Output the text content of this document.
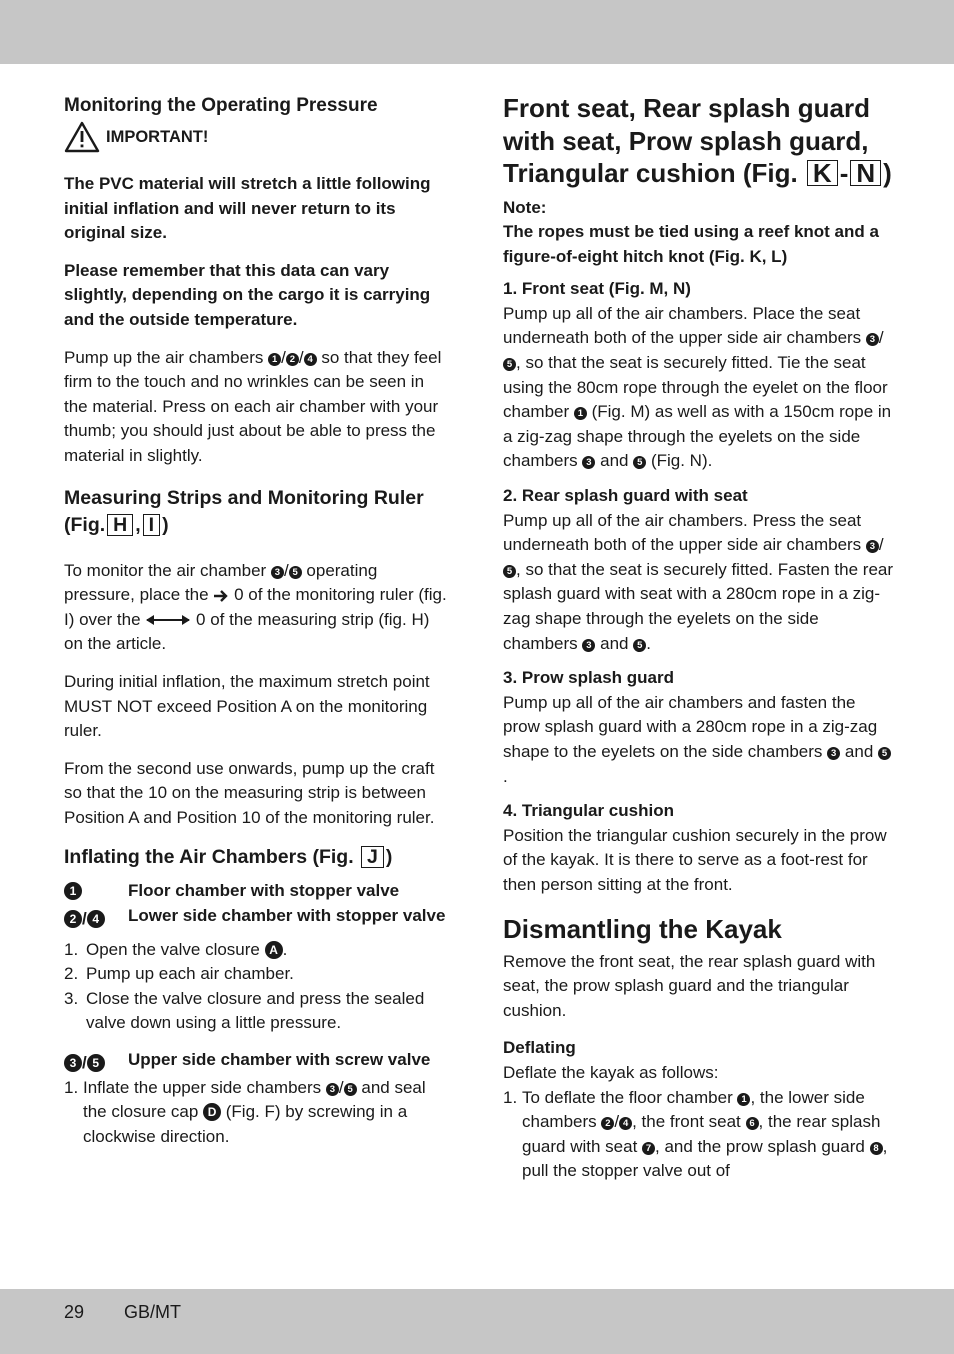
Monitoring the Operating Pressure
IMPORTANT!

The PVC material will stretch a little following initial inflation and will never return to its original size.

Please remember that this data can vary slightly, depending on the cargo it is carrying and the outside temperature.

Pump up the air chambers 1 / 2 / 4 so that they feel firm to the touch and no wrinkles can be seen in the material. Press on each air chamber with your thumb; you should just about be able to press the material in slightly.

Measuring Strips and Monitoring Ruler (Fig. H , I )

To monitor the air chamber 3 / 5 operating pressure, place the 0 of the monitoring ruler (fig. I) over the	0 of the measuring strip (fig. H) on the article.

During initial inflation, the maximum stretch point MUST NOT exceed Position A on the monitoring ruler.

From the second use onwards, pump up the craft so that the 10 on the measuring strip is between Position A and Position 10 of the monitoring ruler.

Inflating the Air Chambers (Fig. J )
1	Floor chamber with stopper valve
2 / 4	Lower side chamber with stopper valve
1. Open the valve closure A .
2. Pump up each air chamber.
3. Close the valve closure and press the sealed valve down using a little pressure.
3 / 5	Upper side chamber with screw valve
1. Inflate the upper side chambers 3 / 5 and seal the closure cap D (Fig. F) by screwing in a clockwise direction.
Front seat, Rear splash guard with seat, Prow splash guard, Triangular cushion (Fig. K - N )

Note:

The ropes must be tied using a reef knot and a figure-of-eight hitch knot (Fig. K, L)

1. Front seat (Fig. M, N)

Pump up all of the air chambers. Place the seat underneath both of the upper side air chambers 3 /5 , so that the seat is securely fitted. Tie the seat using the 80cm rope through the eyelet on the floor chamber 1 (Fig. M) as well as with a 150cm rope in a zig-zag shape through the eyelets on the side chambers 3 and 5 (Fig. N).

2. Rear splash guard with seat

Pump up all of the air chambers. Press the seat underneath both of the upper side air chambers 3 /5 , so that the seat is securely fitted. Fasten the rear splash guard with seat with a 280cm rope in a zig-zag shape through the eyelets on the side chambers 3 and 5 .

3. Prow splash guard

Pump up all of the air chambers and fasten the prow splash guard with a 280cm rope in a zig-zag shape to the eyelets on the side chambers 3 and 5.

4. Triangular cushion

Position the triangular cushion securely in the prow of the kayak. It is there to serve as a foot-rest for then person sitting at the front.

Dismantling the Kayak

Remove the front seat, the rear splash guard with seat, the prow splash guard and the triangular cushion.

Deflating

Deflate the kayak as follows:

1. To deflate the floor chamber 1 , the lower side chambers 2 / 4 , the front seat 6 , the rear splash guard with seat 7 , and the prow splash guard 8 , pull the stopper valve out of
29 GB/MT
